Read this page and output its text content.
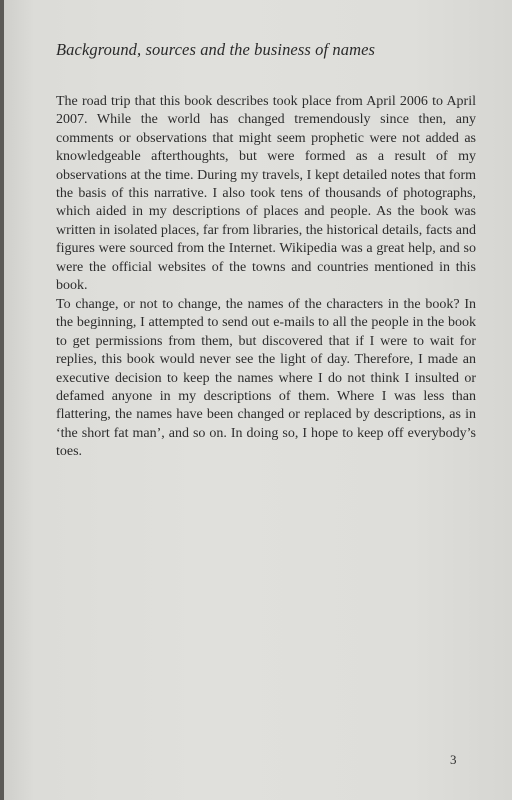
Background, sources and the business of names

The road trip that this book describes took place from April 2006 to April 2007. While the world has changed tremendously since then, any comments or observations that might seem prophetic were not added as knowledgeable afterthoughts, but were formed as a result of my observations at the time. During my travels, I kept detailed notes that form the basis of this narrative. I also took tens of thousands of photographs, which aided in my descriptions of places and people. As the book was written in isolated places, far from libraries, the historical details, facts and figures were sourced from the Internet. Wikipedia was a great help, and so were the official websites of the towns and countries mentioned in this book.

To change, or not to change, the names of the characters in the book? In the beginning, I attempted to send out e-mails to all the people in the book to get permissions from them, but discovered that if I were to wait for replies, this book would never see the light of day. Therefore, I made an executive decision to keep the names where I do not think I insulted or defamed anyone in my descriptions of them. Where I was less than flattering, the names have been changed or replaced by descriptions, as in ‘the short fat man’, and so on. In doing so, I hope to keep off everybody’s toes.

3
